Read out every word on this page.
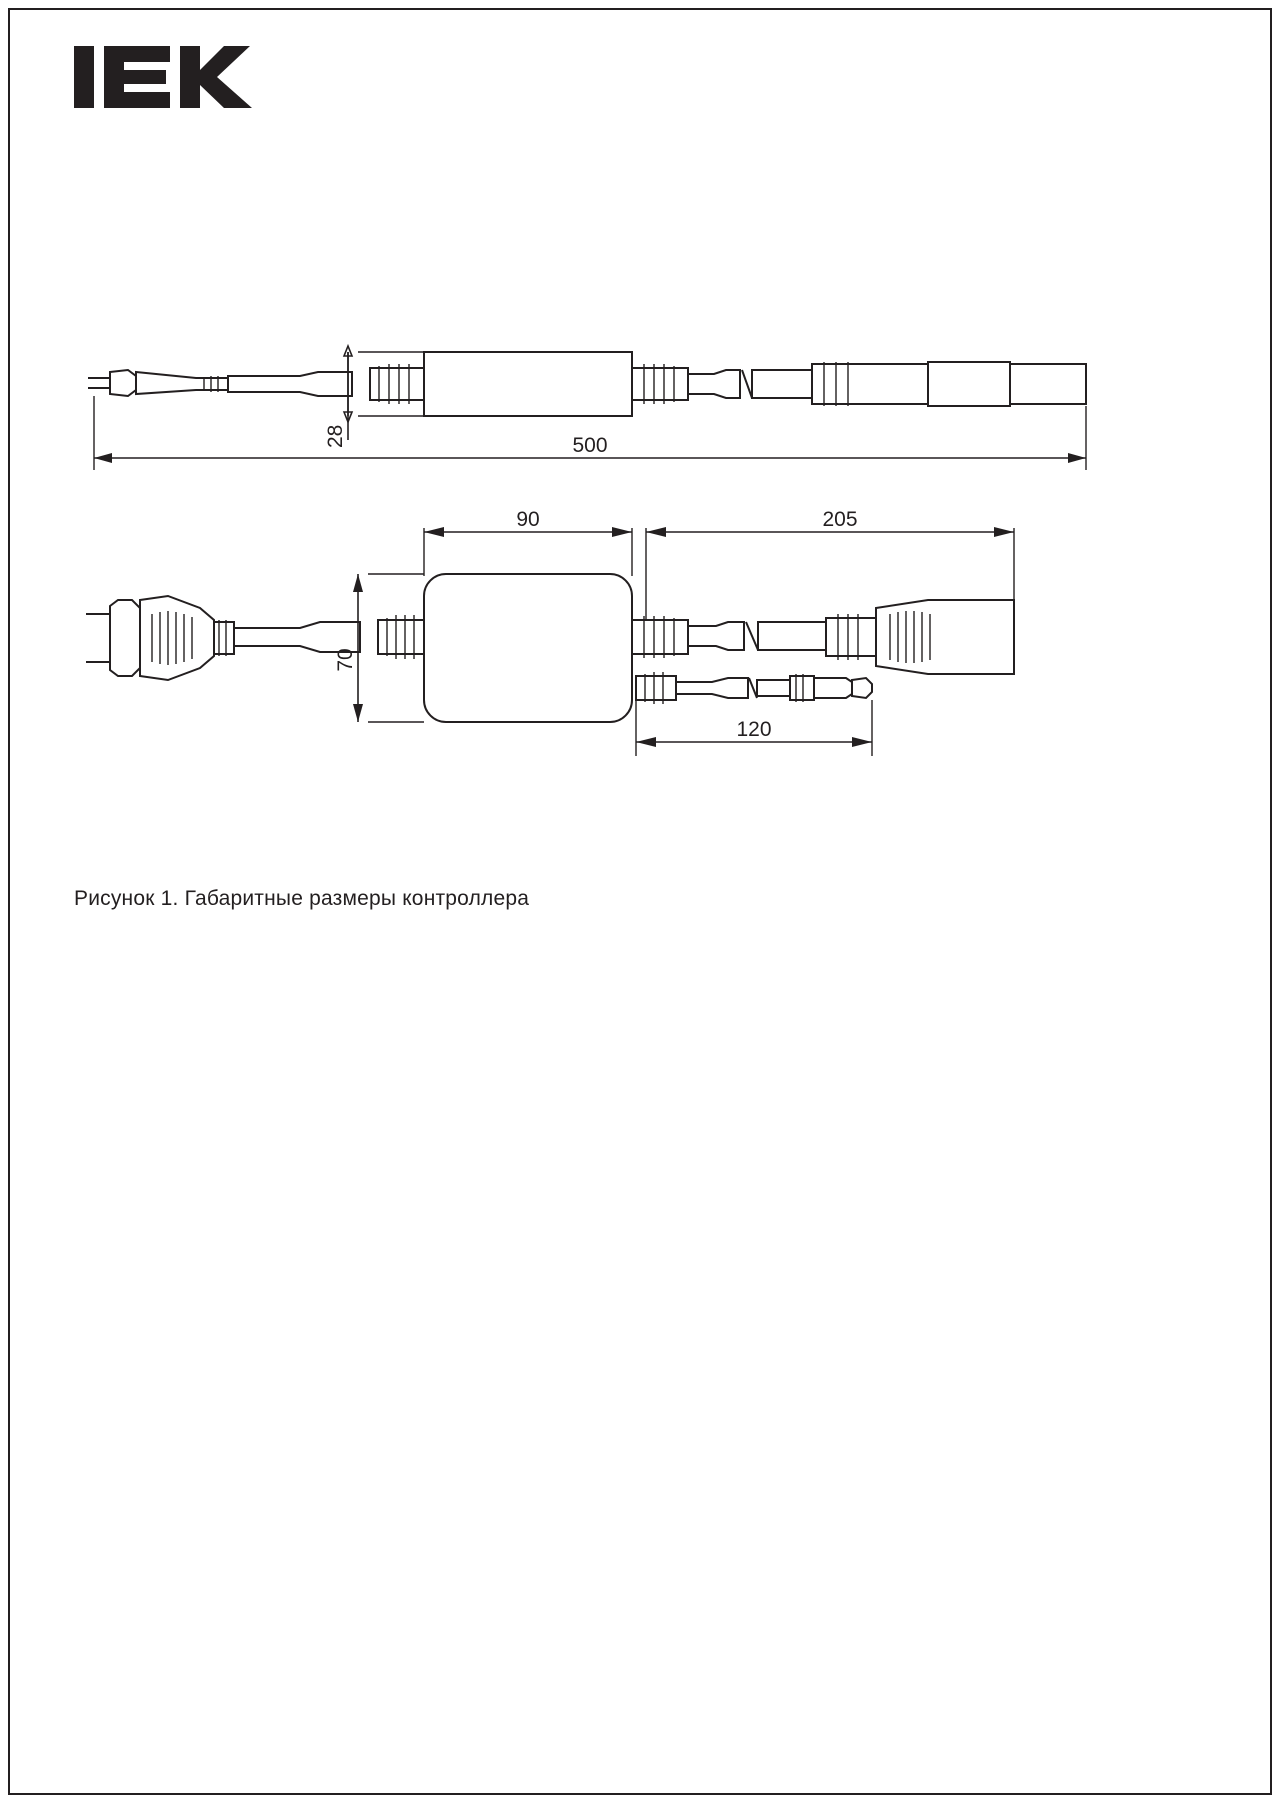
28	500
90	205
70
120
Рисунок 1. Габаритные размеры контроллера
